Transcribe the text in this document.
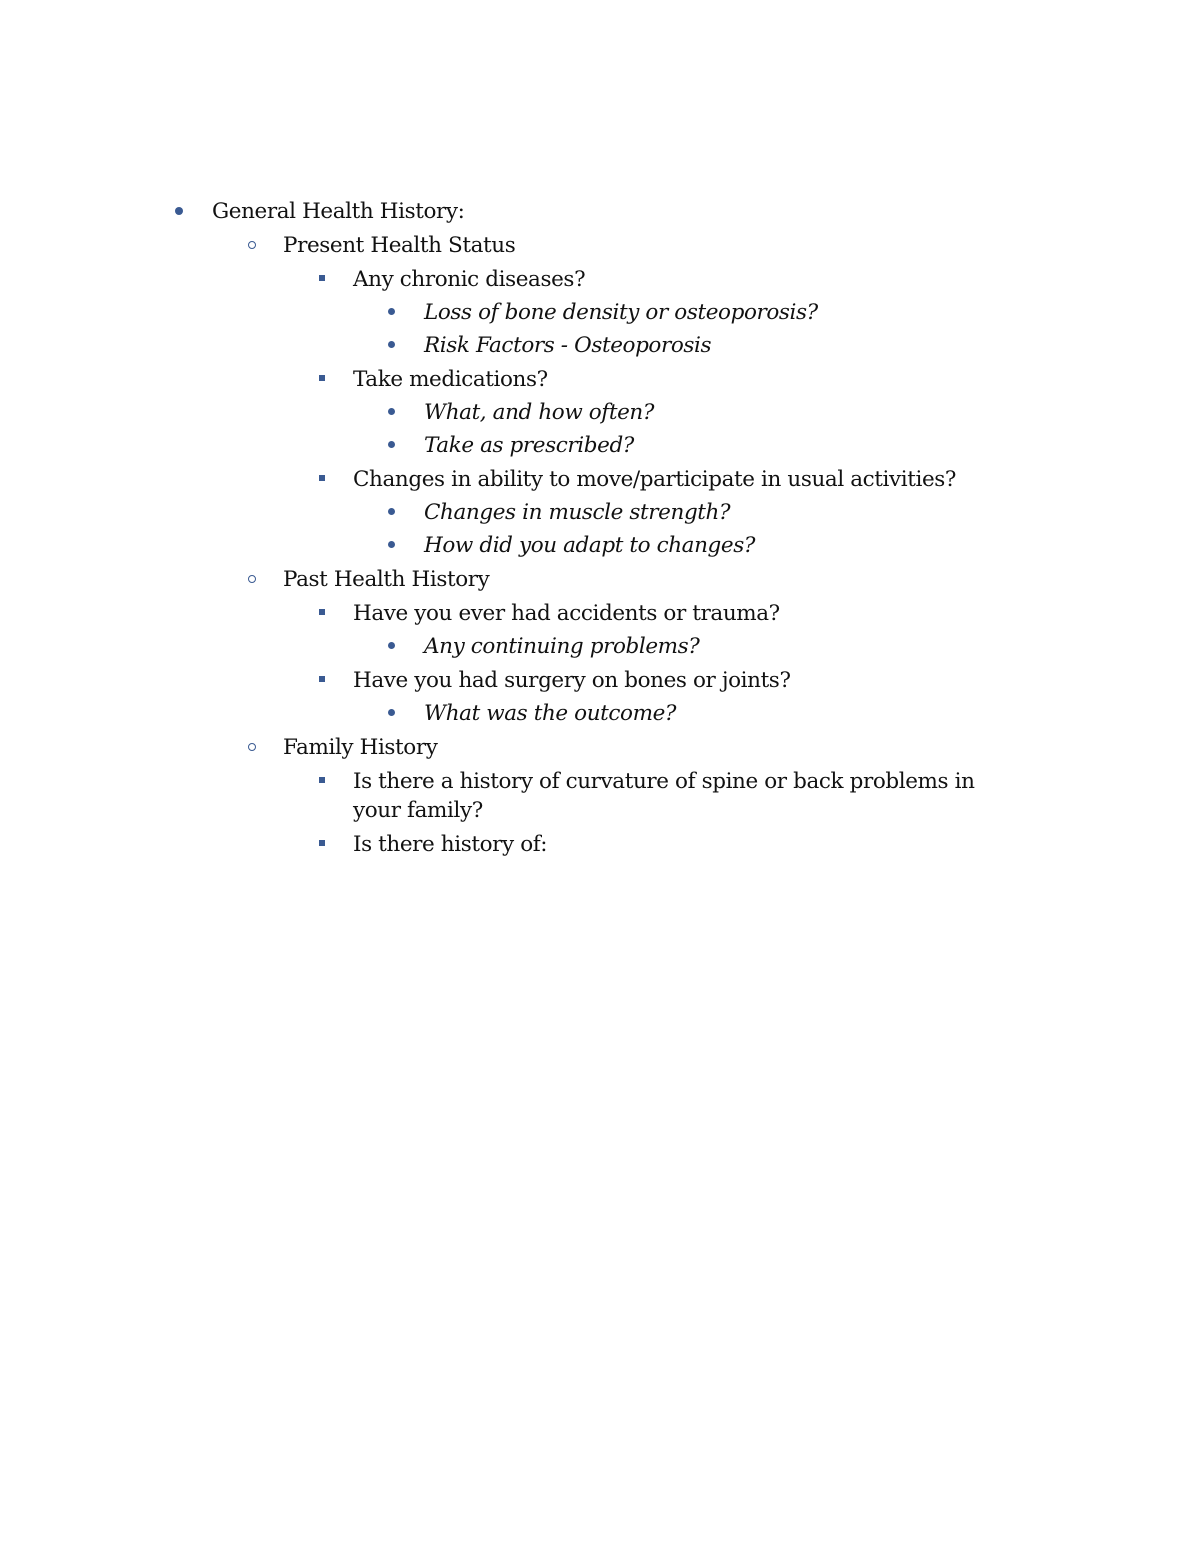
General Health History:
Present Health Status
Any chronic diseases?
Loss of bone density or osteoporosis?
Risk Factors - Osteoporosis
Take medications?
What, and how often?
Take as prescribed?
Changes in ability to move/participate in usual activities?
Changes in muscle strength?
How did you adapt to changes?
Past Health History
Have you ever had accidents or trauma?
Any continuing problems?
Have you had surgery on bones or joints?
What was the outcome?
Family History
Is there a history of curvature of spine or back problems in your family?
Is there history of:
